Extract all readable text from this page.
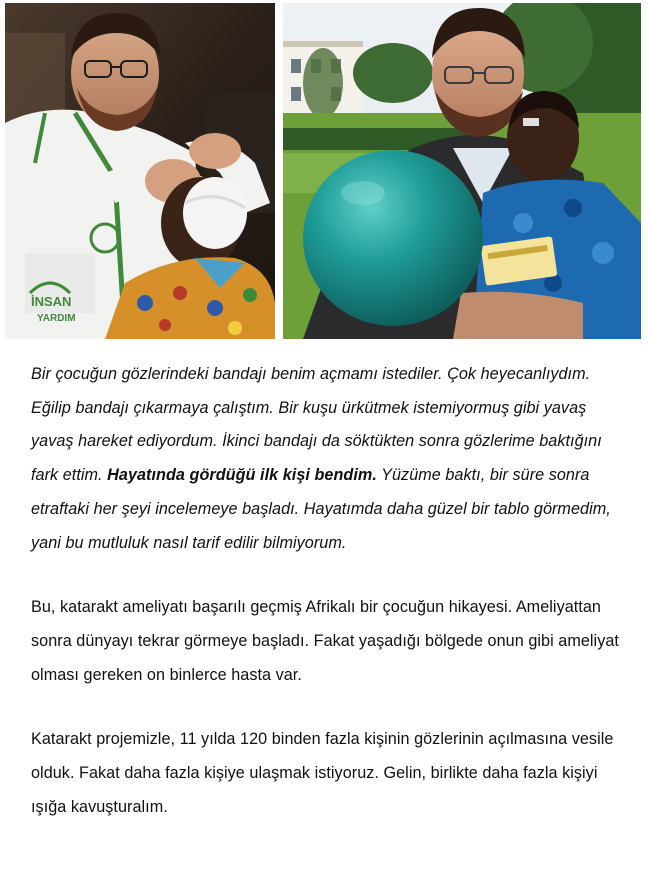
İNSAN
YARDIM

Bir çocuğun gözlerindeki bandajı benim açmamı istediler. Çok heyecanlıydım. Eğilip bandajı çıkarmaya çalıştım. Bir kuşu ürkütmek istemiyormuş gibi yavaş yavaş hareket ediyordum. İkinci bandajı da söktükten sonra gözlerime baktığını fark ettim. Hayatında gördüğü ilk kişi bendim. Yüzüme baktı, bir süre sonra etraftaki her şeyi incelemeye başladı. Hayatımda daha güzel bir tablo görmedim, yani bu mutluluk nasıl tarif edilir bilmiyorum.

Bu, katarakt ameliyatı başarılı geçmiş Afrikalı bir çocuğun hikayesi. Ameliyattan sonra dünyayı tekrar görmeye başladı. Fakat yaşadığı bölgede onun gibi ameliyat olması gereken on binlerce hasta var.

Katarakt projemizle, 11 yılda 120 binden fazla kişinin gözlerinin açılmasına vesile olduk. Fakat daha fazla kişiye ulaşmak istiyoruz. Gelin, birlikte daha fazla kişiyi ışığa kavuşturalım.
